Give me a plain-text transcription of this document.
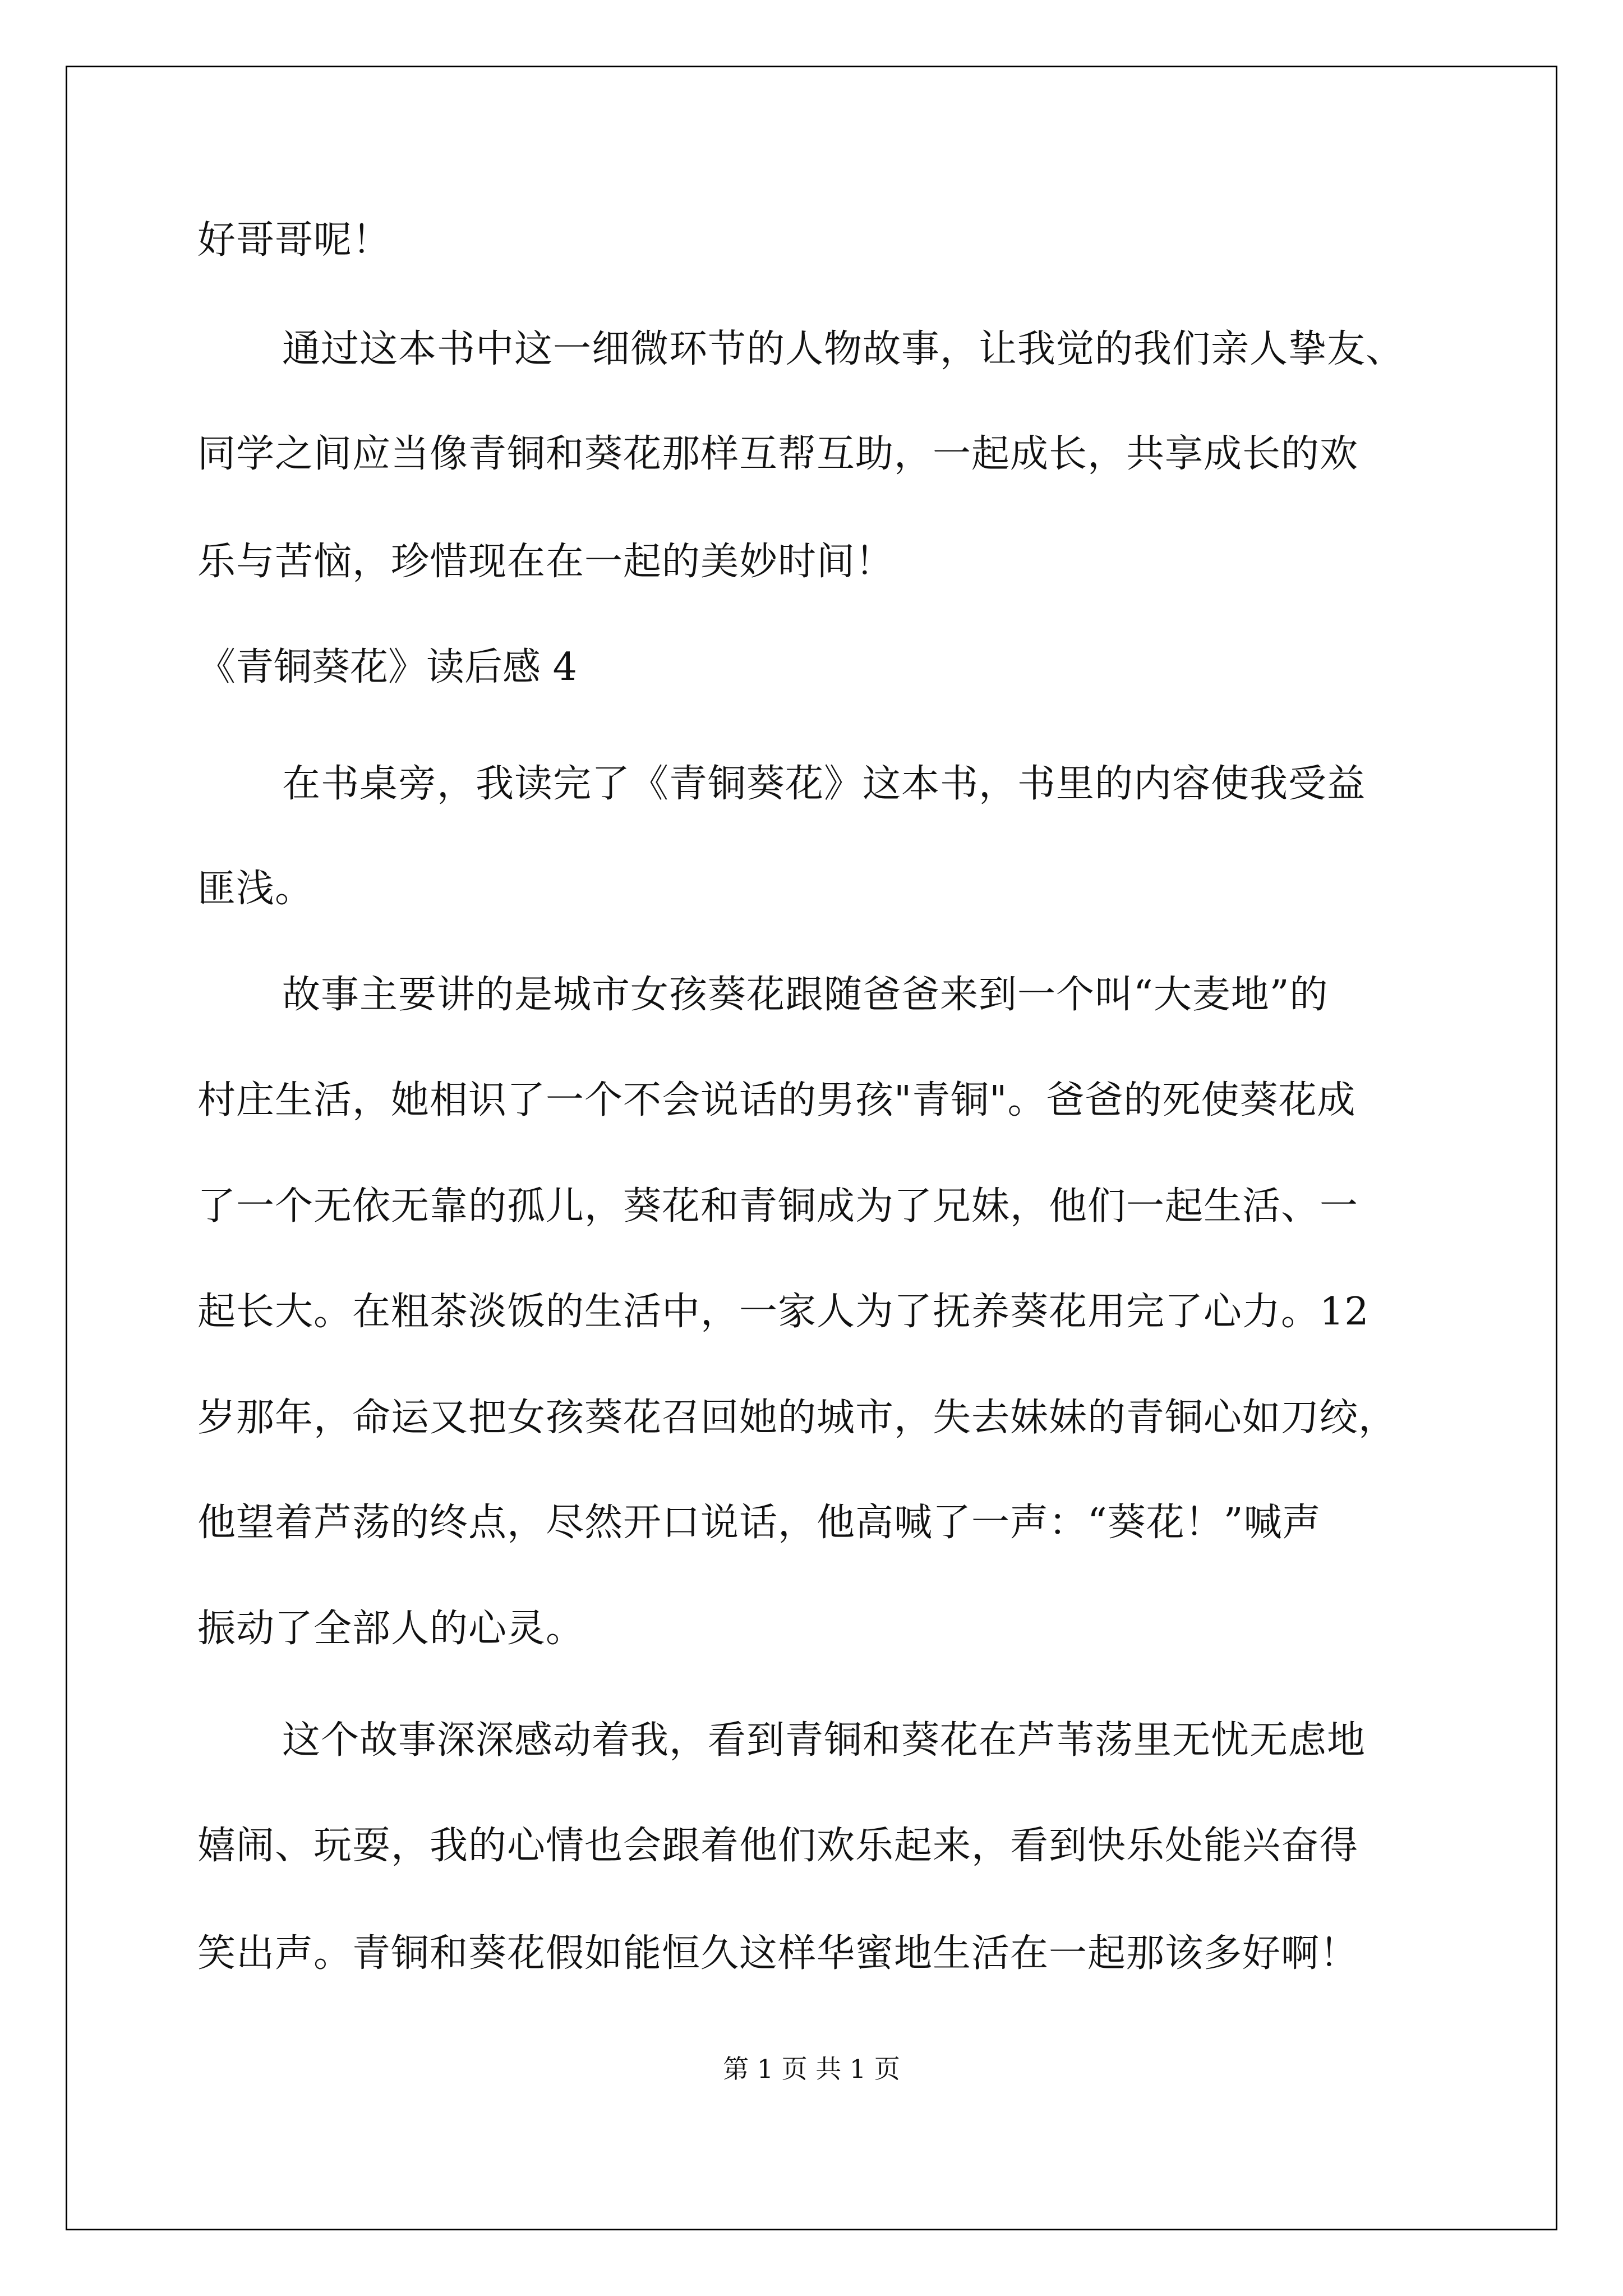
好哥哥呢！

通过这本书中这一细微环节的人物故事，让我觉的我们亲人挚友、

同学之间应当像青铜和葵花那样互帮互助，一起成长，共享成长的欢

乐与苦恼，珍惜现在在一起的美妙时间！

《青铜葵花》读后感 4

在书桌旁，我读完了《青铜葵花》这本书，书里的内容使我受益

匪浅。

故事主要讲的是城市女孩葵花跟随爸爸来到一个叫“大麦地”的

村庄生活，她相识了一个不会说话的男孩"青铜"。爸爸的死使葵花成

了一个无依无靠的孤儿，葵花和青铜成为了兄妹，他们一起生活、一

起长大。在粗茶淡饭的生活中，一家人为了抚养葵花用完了心力。12

岁那年，命运又把女孩葵花召回她的城市，失去妹妹的青铜心如刀绞，

他望着芦荡的终点，尽然开口说话，他高喊了一声：“葵花！”喊声

振动了全部人的心灵。

这个故事深深感动着我，看到青铜和葵花在芦苇荡里无忧无虑地

嬉闹、玩耍，我的心情也会跟着他们欢乐起来，看到快乐处能兴奋得

笑出声。青铜和葵花假如能恒久这样华蜜地生活在一起那该多好啊！

第 1 页 共 1 页
